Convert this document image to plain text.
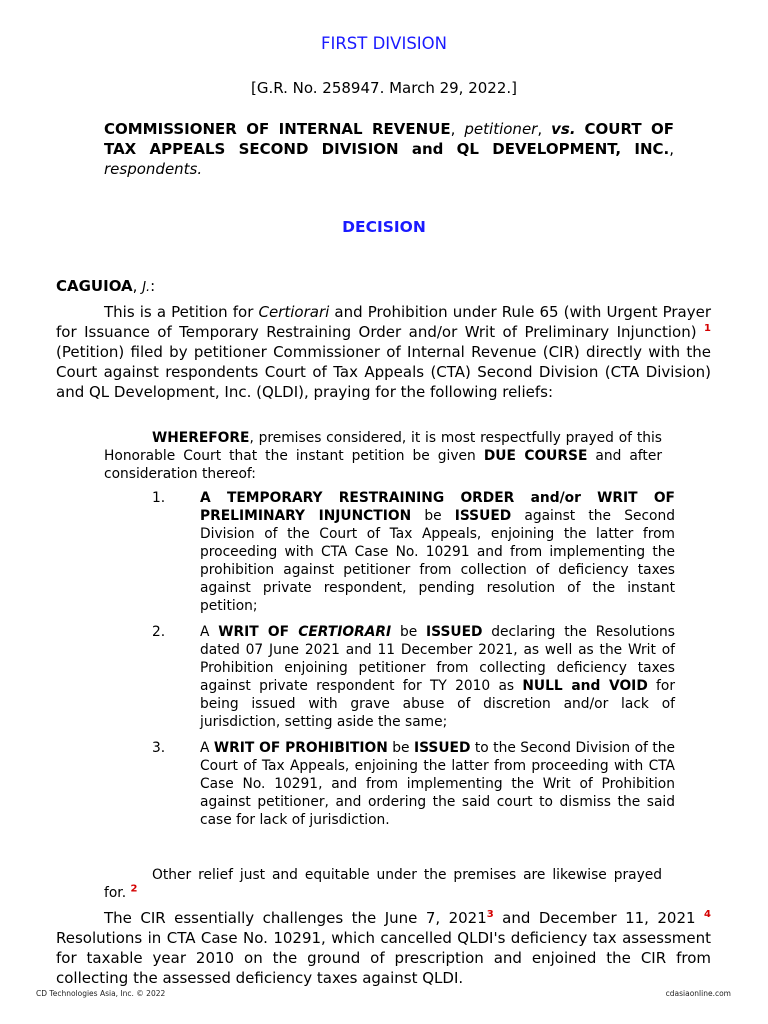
FIRST DIVISION
[G.R. No. 258947. March 29, 2022.]
COMMISSIONER OF INTERNAL REVENUE, petitioner, vs. COURT OF TAX APPEALS SECOND DIVISION and QL DEVELOPMENT, INC., respondents.
DECISION
CAGUIOA, J.:
This is a Petition for Certiorari and Prohibition under Rule 65 (with Urgent Prayer for Issuance of Temporary Restraining Order and/or Writ of Preliminary Injunction) $^1$ (Petition) filed by petitioner Commissioner of Internal Revenue (CIR) directly with the Court against respondents Court of Tax Appeals (CTA) Second Division (CTA Division) and QL Development, Inc. (QLDI), praying for the following reliefs:
WHEREFORE, premises considered, it is most respectfully prayed of this Honorable Court that the instant petition be given DUE COURSE and after consideration thereof:
1.	A TEMPORARY RESTRAINING ORDER and/or WRIT OF PRELIMINARY INJUNCTION be ISSUED against the Second Division of the Court of Tax Appeals, enjoining the latter from proceeding with CTA Case No. 10291 and from implementing the prohibition against petitioner from collection of deficiency taxes against private respondent, pending resolution of the instant petition;
2.	A WRIT OF CERTIORARI be ISSUED declaring the Resolutions dated 07 June 2021 and 11 December 2021, as well as the Writ of Prohibition enjoining petitioner from collecting deficiency taxes against private respondent for TY 2010 as NULL and VOID for being issued with grave abuse of discretion and/or lack of jurisdiction, setting aside the same;
3.	A WRIT OF PROHIBITION be ISSUED to the Second Division of the Court of Tax Appeals, enjoining the latter from proceeding with CTA Case No. 10291, and from implementing the Writ of Prohibition against petitioner, and ordering the said court to dismiss the said case for lack of jurisdiction.
Other relief just and equitable under the premises are likewise prayed for. $^2$
The CIR essentially challenges the June 7, 2021$^3$ and December 11, 2021 $^4$ Resolutions in CTA Case No. 10291, which cancelled QLDI's deficiency tax assessment for taxable year 2010 on the ground of prescription and enjoined the CIR from collecting the assessed deficiency taxes against QLDI.
CD Technologies Asia, Inc. © 2022	cdasiaonline.com
